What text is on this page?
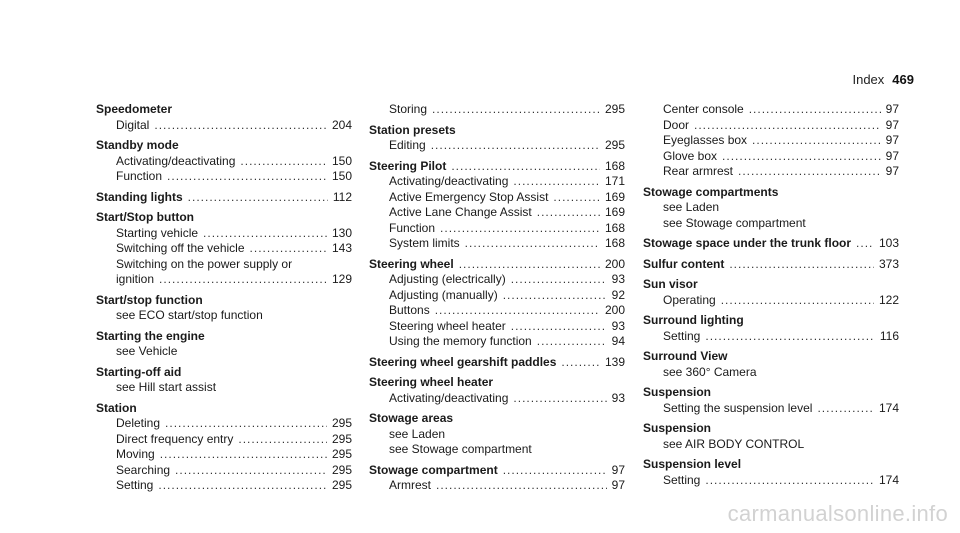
Index 469
Speedometer
Digital .....	204
Standby mode
Activating/deactivating .....	150
Function .....	150
Standing lights .....	112
Start/Stop button
Starting vehicle .....	130
Switching off the vehicle .....	143
Switching on the power supply or
ignition .....	129
Start/stop function
see ECO start/stop function
Starting the engine
see Vehicle
Starting-off aid
see Hill start assist
Station
Deleting .....	295
Direct frequency entry .....	295
Moving .....	295
Searching .....	295
Setting .....	295
Storing .....	295
Station presets
Editing .....	295
Steering Pilot .....	168
Activating/deactivating .....	171
Active Emergency Stop Assist .....	169
Active Lane Change Assist .....	169
Function .....	168
System limits .....	168
Steering wheel .....	200
Adjusting (electrically) .....	93
Adjusting (manually) .....	92
Buttons .....	200
Steering wheel heater .....	93
Using the memory function .....	94
Steering wheel gearshift paddles .....	139
Steering wheel heater
Activating/deactivating .....	93
Stowage areas
see Laden
see Stowage compartment
Stowage compartment .....	97
Armrest .....	97
Center console .....	97
Door .....	97
Eyeglasses box .....	97
Glove box .....	97
Rear armrest .....	97
Stowage compartments
see Laden
see Stowage compartment
Stowage space under the trunk floor ..... 103
Sulfur content .....	373
Sun visor
Operating .....	122
Surround lighting
Setting .....	116
Surround View
see 360° Camera
Suspension
Setting the suspension level .....	174
Suspension
see AIR BODY CONTROL
Suspension level
Setting .....	174
carmanualsonline.info
